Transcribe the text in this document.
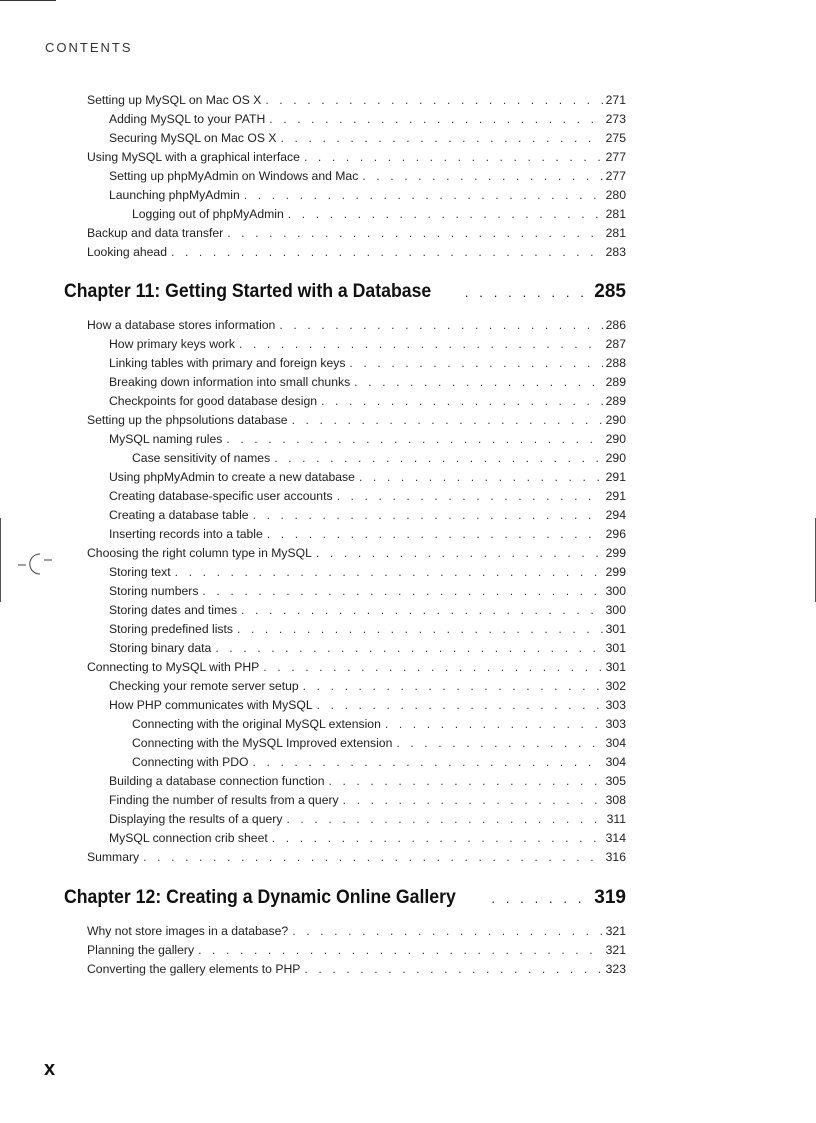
CONTENTS
Setting up MySQL on Mac OS X . . .	271
Adding MySQL to your PATH . . .	273
Securing MySQL on Mac OS X . . .	275
Using MySQL with a graphical interface . . .	277
Setting up phpMyAdmin on Windows and Mac . . .	277
Launching phpMyAdmin . . .	280
Logging out of phpMyAdmin . . .	281
Backup and data transfer . . .	281
Looking ahead . . .	283
Chapter 11: Getting Started with a Database . . .	285
How a database stores information . . .	286
How primary keys work . . .	287
Linking tables with primary and foreign keys . . .	288
Breaking down information into small chunks . . .	289
Checkpoints for good database design . . .	289
Setting up the phpsolutions database . . .	290
MySQL naming rules . . .	290
Case sensitivity of names . . .	290
Using phpMyAdmin to create a new database . . .	291
Creating database-specific user accounts . . .	291
Creating a database table . . .	294
Inserting records into a table . . .	296
Choosing the right column type in MySQL . . .	299
Storing text . . .	299
Storing numbers . . .	300
Storing dates and times . . .	300
Storing predefined lists . . .	301
Storing binary data . . .	301
Connecting to MySQL with PHP . . .	301
Checking your remote server setup . . .	302
How PHP communicates with MySQL . . .	303
Connecting with the original MySQL extension . . .	303
Connecting with the MySQL Improved extension . . .	304
Connecting with PDO . . .	304
Building a database connection function . . .	305
Finding the number of results from a query . . .	308
Displaying the results of a query . . .	311
MySQL connection crib sheet . . .	314
Summary . . .	316
Chapter 12: Creating a Dynamic Online Gallery . . .	319
Why not store images in a database? . . .	321
Planning the gallery . . .	321
Converting the gallery elements to PHP . . .	323
x
